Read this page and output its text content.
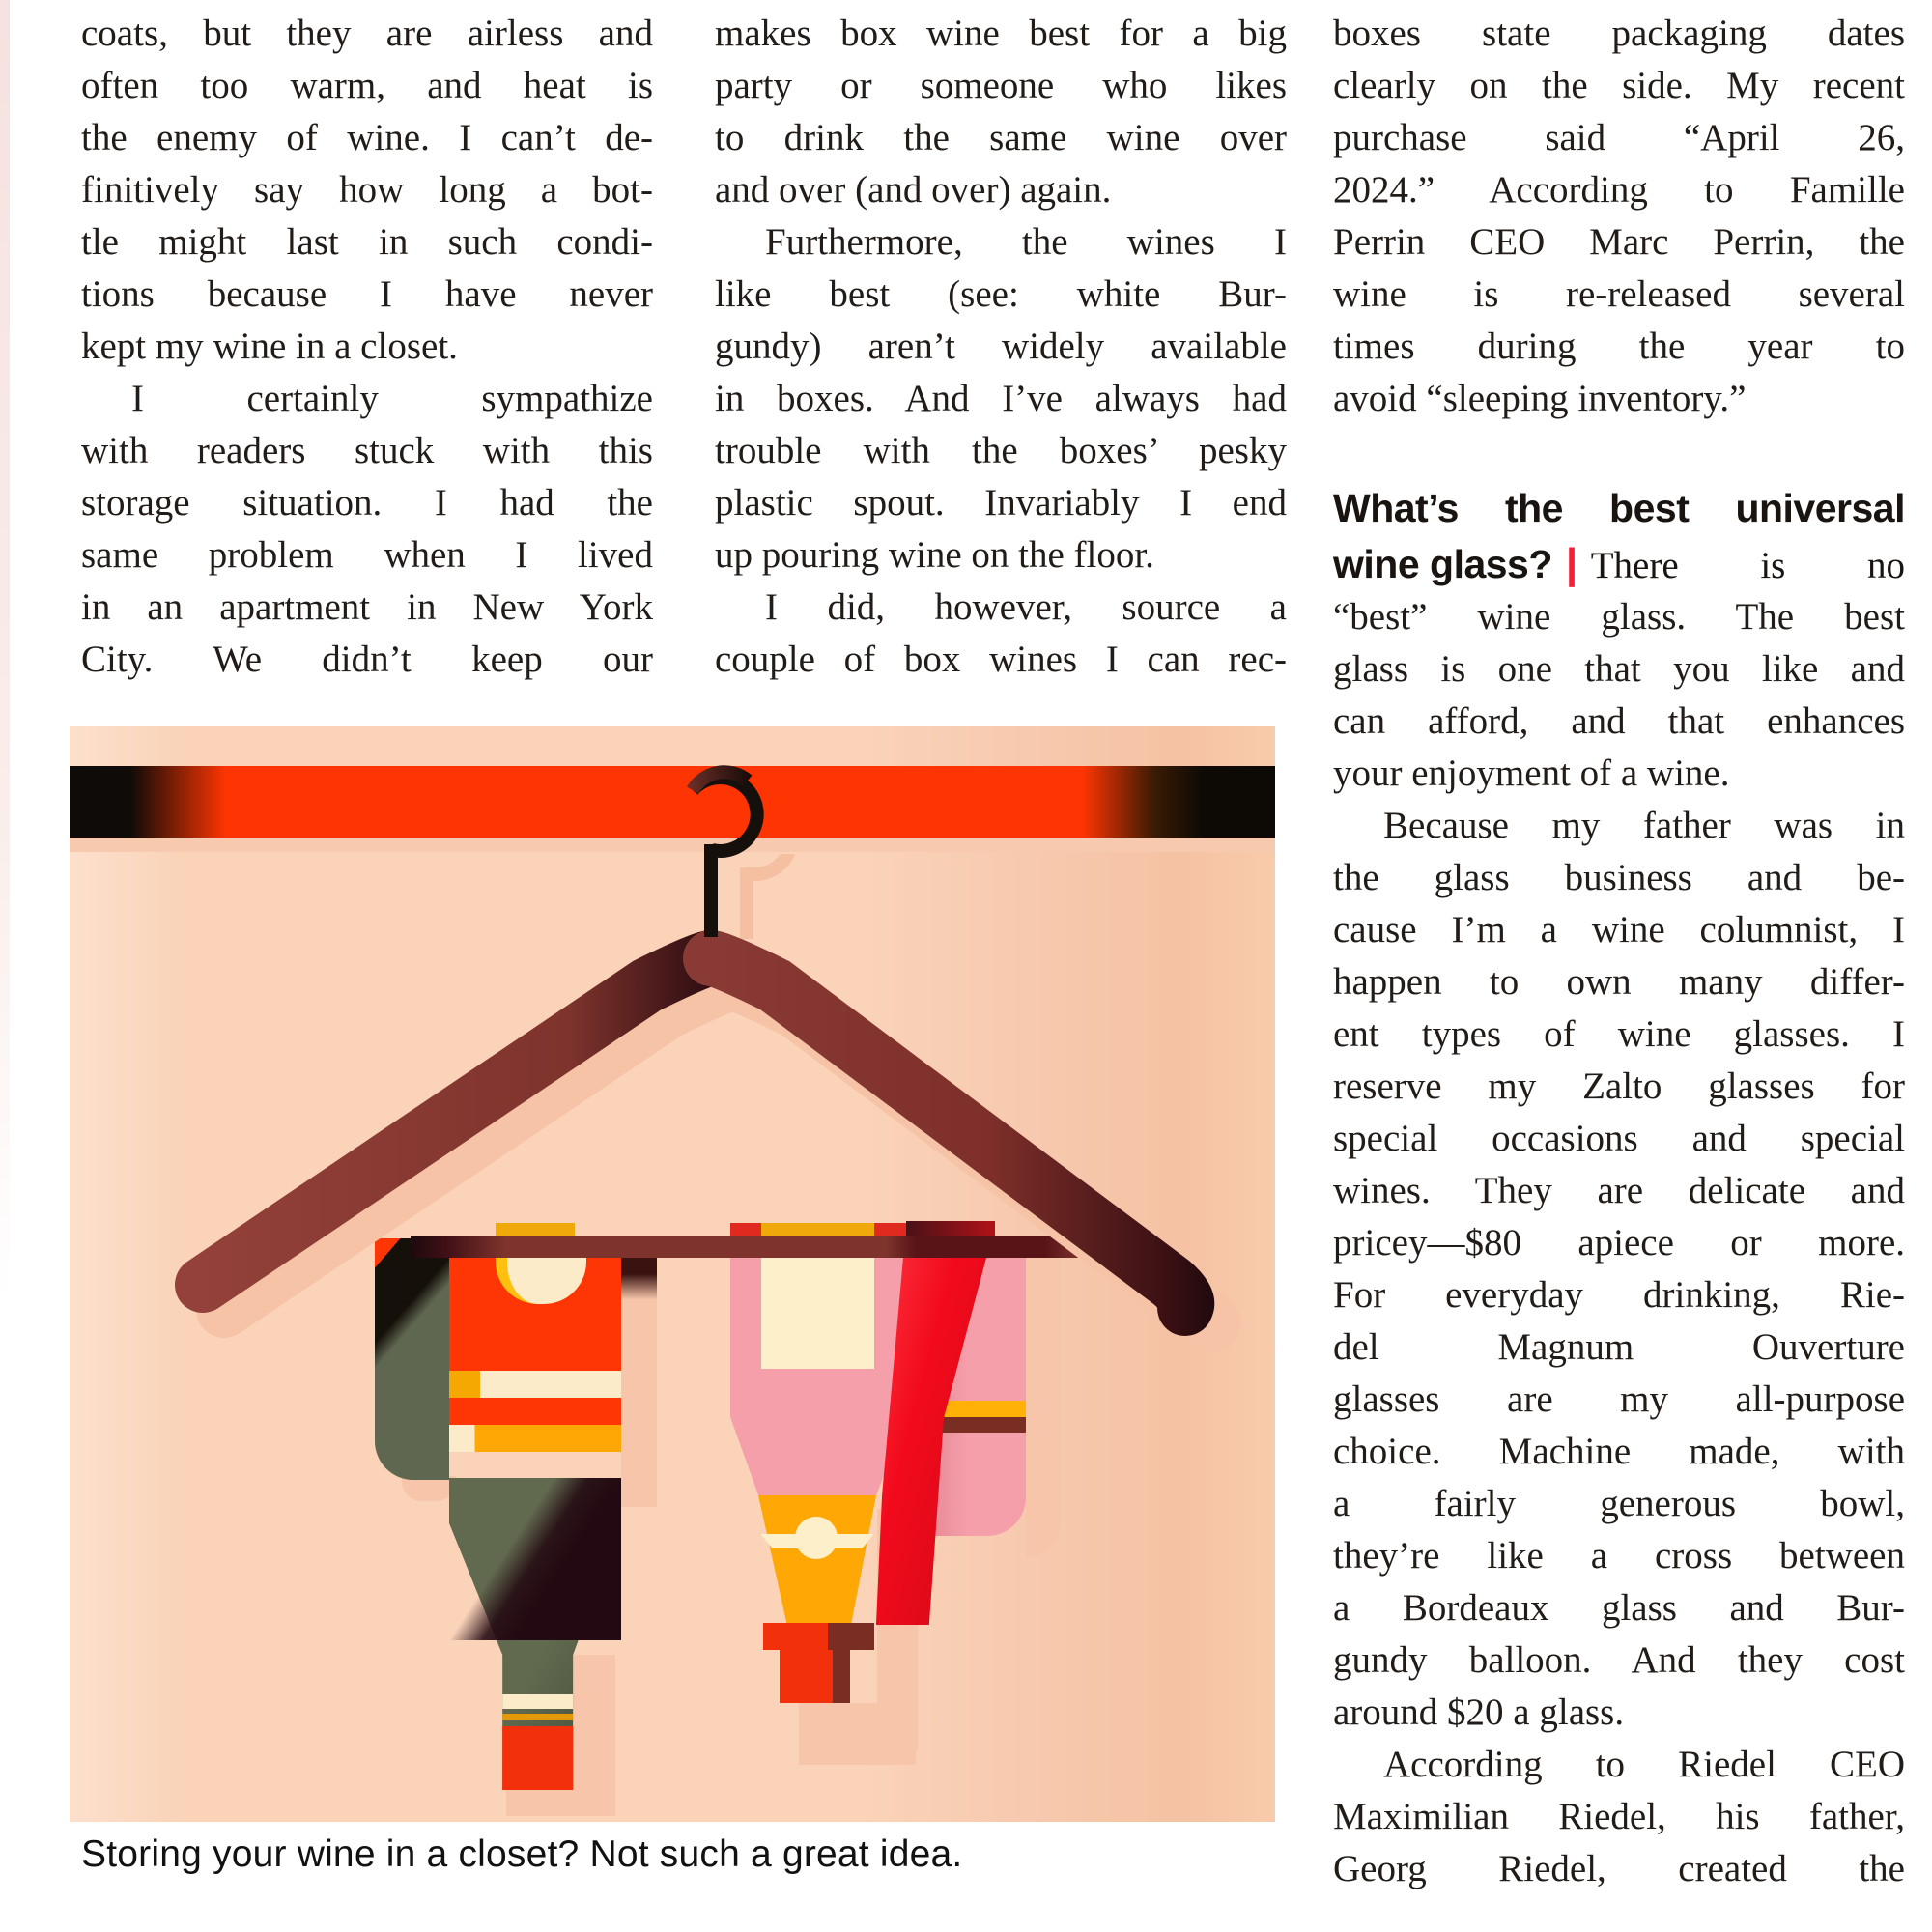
coats, but they are airless and
often too warm, and heat is
the enemy of wine. I can’t de-
finitively say how long a bot-
tle might last in such condi-
tions because I have never
kept my wine in a closet.
I certainly sympathize
with readers stuck with this
storage situation. I had the
same problem when I lived
in an apartment in New York
City. We didn’t keep our
makes box wine best for a big
party or someone who likes
to drink the same wine over
and over (and over) again.
Furthermore, the wines I
like best (see: white Bur-
gundy) aren’t widely available
in boxes. And I’ve always had
trouble with the boxes’ pesky
plastic spout. Invariably I end
up pouring wine on the floor.
I did, however, source a
couple of box wines I can rec-
boxes state packaging dates
clearly on the side. My recent
purchase said “April 26,
2024.” According to Famille
Perrin CEO Marc Perrin, the
wine is re-released several
times during the year to
avoid “sleeping inventory.”
What’s the best universal
wine glass? | There is no
“best” wine glass. The best
glass is one that you like and
can afford, and that enhances
your enjoyment of a wine.
Because my father was in
the glass business and be-
cause I’m a wine columnist, I
happen to own many differ-
ent types of wine glasses. I
reserve my Zalto glasses for
special occasions and special
wines. They are delicate and
pricey—$80 apiece or more.
For everyday drinking, Rie-
del Magnum Ouverture
glasses are my all-purpose
choice. Machine made, with
a fairly generous bowl,
they’re like a cross between
a Bordeaux glass and Bur-
gundy balloon. And they cost
around $20 a glass.
According to Riedel CEO
Maximilian Riedel, his father,
Georg Riedel, created the
Storing your wine in a closet? Not such a great idea.
